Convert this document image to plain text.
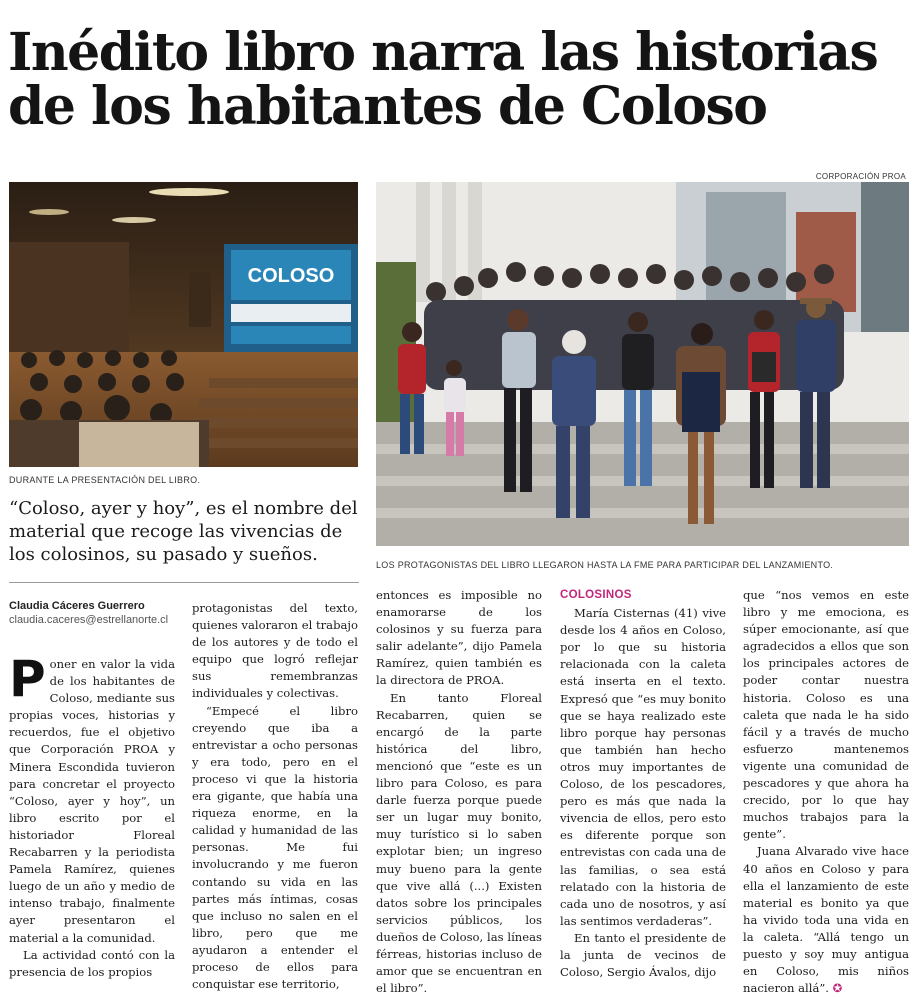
Inédito libro narra las historias de los habitantes de Coloso
CORPORACIÓN PROA
COLOSO
DURANTE LA PRESENTACIÓN DEL LIBRO.
LOS PROTAGONISTAS DEL LIBRO LLEGARON HASTA LA FME PARA PARTICIPAR DEL LANZAMIENTO.

“Coloso, ayer y hoy”, es el nombre del material que recoge las vivencias de los colosinos, su pasado y sueños.

Claudia Cáceres Guerrero
claudia.caceres@estrellanorte.cl

Poner en valor la vida de los habitantes de Coloso, mediante sus propias voces, historias y recuerdos, fue el objetivo que Corporación PROA y Minera Escondida tuvieron para concretar el proyecto “Coloso, ayer y hoy”, un libro escrito por el historiador Floreal Recabarren y la periodista Pamela Ramírez, quienes luego de un año y medio de intenso trabajo, finalmente ayer presentaron el material a la comunidad.

La actividad contó con la presencia de los propios

protagonistas del texto, quienes valoraron el trabajo de los autores y de todo el equipo que logró reflejar sus remembranzas individuales y colectivas.

“Empecé el libro creyendo que iba a entrevistar a ocho personas y era todo, pero en el proceso vi que la historia era gigante, que había una riqueza enorme, en la calidad y humanidad de las personas. Me fui involucrando y me fueron contando su vida en las partes más íntimas, cosas que incluso no salen en el libro, pero que me ayudaron a entender el proceso de ellos para conquistar ese territorio,

entonces es imposible no enamorarse de los colosinos y su fuerza para salir adelante”, dijo Pamela Ramírez, quien también es la directora de PROA.

En tanto Floreal Recabarren, quien se encargó de la parte histórica del libro, mencionó que “este es un libro para Coloso, es para darle fuerza porque puede ser un lugar muy bonito, muy turístico si lo saben explotar bien; un ingreso muy bueno para la gente que vive allá (...) Existen datos sobre los principales servicios públicos, los dueños de Coloso, las líneas férreas, historias incluso de amor que se encuentran en el libro”.

COLOSINOS

María Cisternas (41) vive desde los 4 años en Coloso, por lo que su historia relacionada con la caleta está inserta en el texto. Expresó que “es muy bonito que se haya realizado este libro porque hay personas que también han hecho otros muy importantes de Coloso, de los pescadores, pero es más que nada la vivencia de ellos, pero esto es diferente porque son entrevistas con cada una de las familias, o sea está relatado con la historia de cada uno de nosotros, y así las sentimos verdaderas”.

En tanto el presidente de la junta de vecinos de Coloso, Sergio Ávalos, dijo

que “nos vemos en este libro y me emociona, es súper emocionante, así que agradecidos a ellos que son los principales actores de poder contar nuestra historia. Coloso es una caleta que nada le ha sido fácil y a través de mucho esfuerzo mantenemos vigente una comunidad de pescadores y que ahora ha crecido, por lo que hay muchos trabajos para la gente”.

Juana Alvarado vive hace 40 años en Coloso y para ella el lanzamiento de este material es bonito ya que ha vivido toda una vida en la caleta. “Allá tengo un puesto y soy muy antigua en Coloso, mis niños nacieron allá”. ✪
